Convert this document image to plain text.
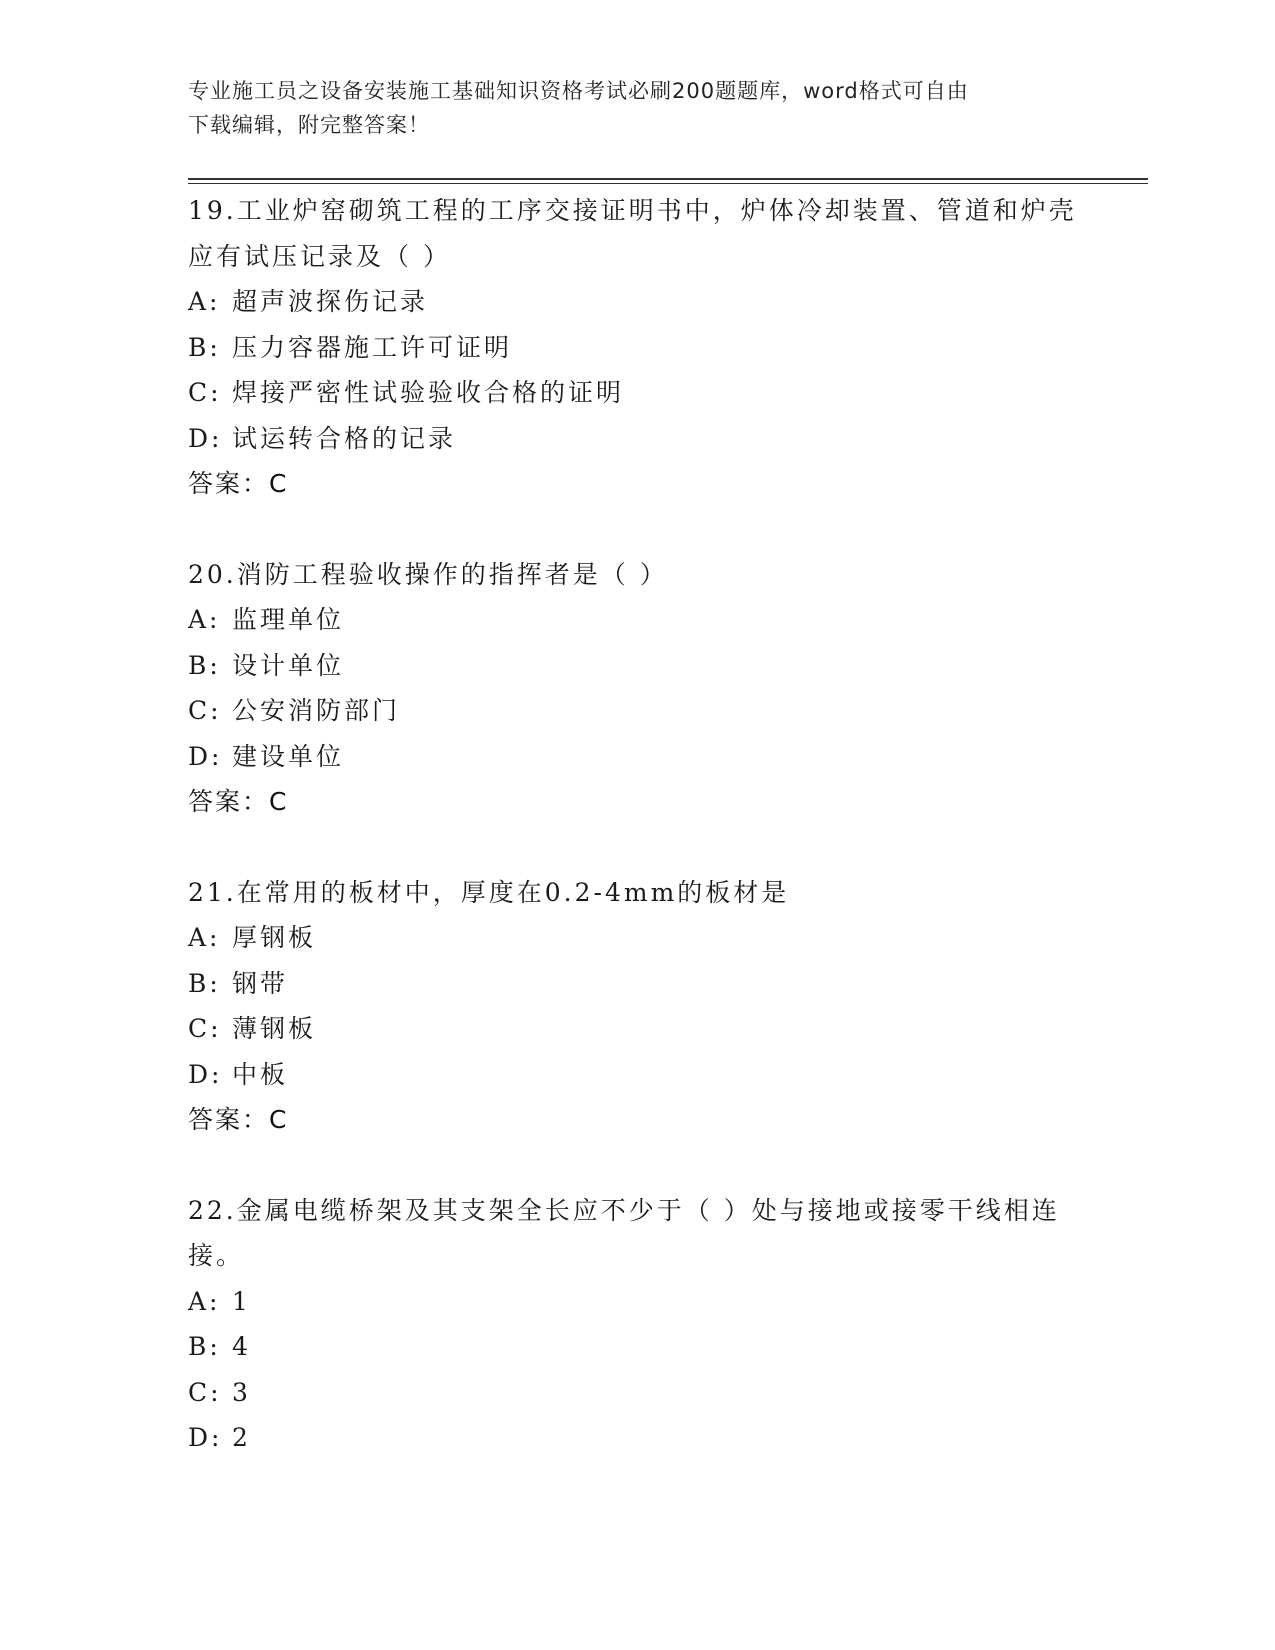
专业施工员之设备安装施工基础知识资格考试必刷200题题库，word格式可自由
下载编辑，附完整答案！
19.工业炉窑砌筑工程的工序交接证明书中，炉体冷却装置、管道和炉壳应有试压记录及（ ）
A: 超声波探伤记录
B: 压力容器施工许可证明
C: 焊接严密性试验验收合格的证明
D: 试运转合格的记录
答案：C
20.消防工程验收操作的指挥者是（ ）
A: 监理单位
B: 设计单位
C: 公安消防部门
D: 建设单位
答案：C
21.在常用的板材中，厚度在0.2-4mm的板材是
A: 厚钢板
B: 钢带
C: 薄钢板
D: 中板
答案：C
22.金属电缆桥架及其支架全长应不少于（ ）处与接地或接零干线相连接。
A: 1
B: 4
C: 3
D: 2
